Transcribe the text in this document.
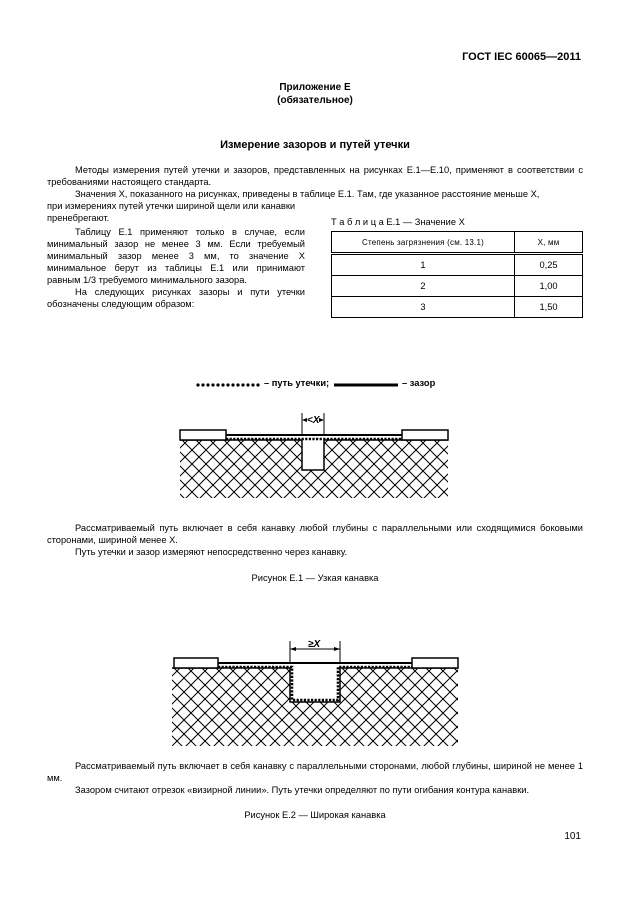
ГОСТ IEC 60065—2011
Приложение Е
(обязательное)
Измерение зазоров и путей утечки
Методы измерения путей утечки и зазоров, представленных на рисунках Е.1—Е.10, применяют в соответствии с требованиями настоящего стандарта.
Значения X, показанного на рисунках, приведены в таблице Е.1. Там, где указанное расстояние меньше X,
при измерениях путей утечки шириной щели или канавки пренебрегают.
Таблицу Е.1 применяют только в случае, если минимальный зазор не менее 3 мм. Если требуемый минимальный зазор менее 3 мм, то значение X минимальное берут из таблицы Е.1 или принимают равным 1/3 требуемого минимального зазора.
На следующих рисунках зазоры и пути утечки обозначены следующим образом:
Т а б л и ц а Е.1 — Значение X
Степень загрязнения (см. 13.1)	X, мм
1	0,25
2	1,00
3	1,50
– путь утечки;	– зазор
<X
Рассматриваемый путь включает в себя канавку любой глубины с параллельными или сходящимися боковыми сторонами, шириной менее X.
Путь утечки и зазор измеряют непосредственно через канавку.
Рисунок Е.1 — Узкая канавка
≥X
Рассматриваемый путь включает в себя канавку с параллельными сторонами, любой глубины, шириной не менее 1 мм.
Зазором считают отрезок «визирной линии». Путь утечки определяют по пути огибания контура канавки.
Рисунок Е.2 — Широкая канавка
101
